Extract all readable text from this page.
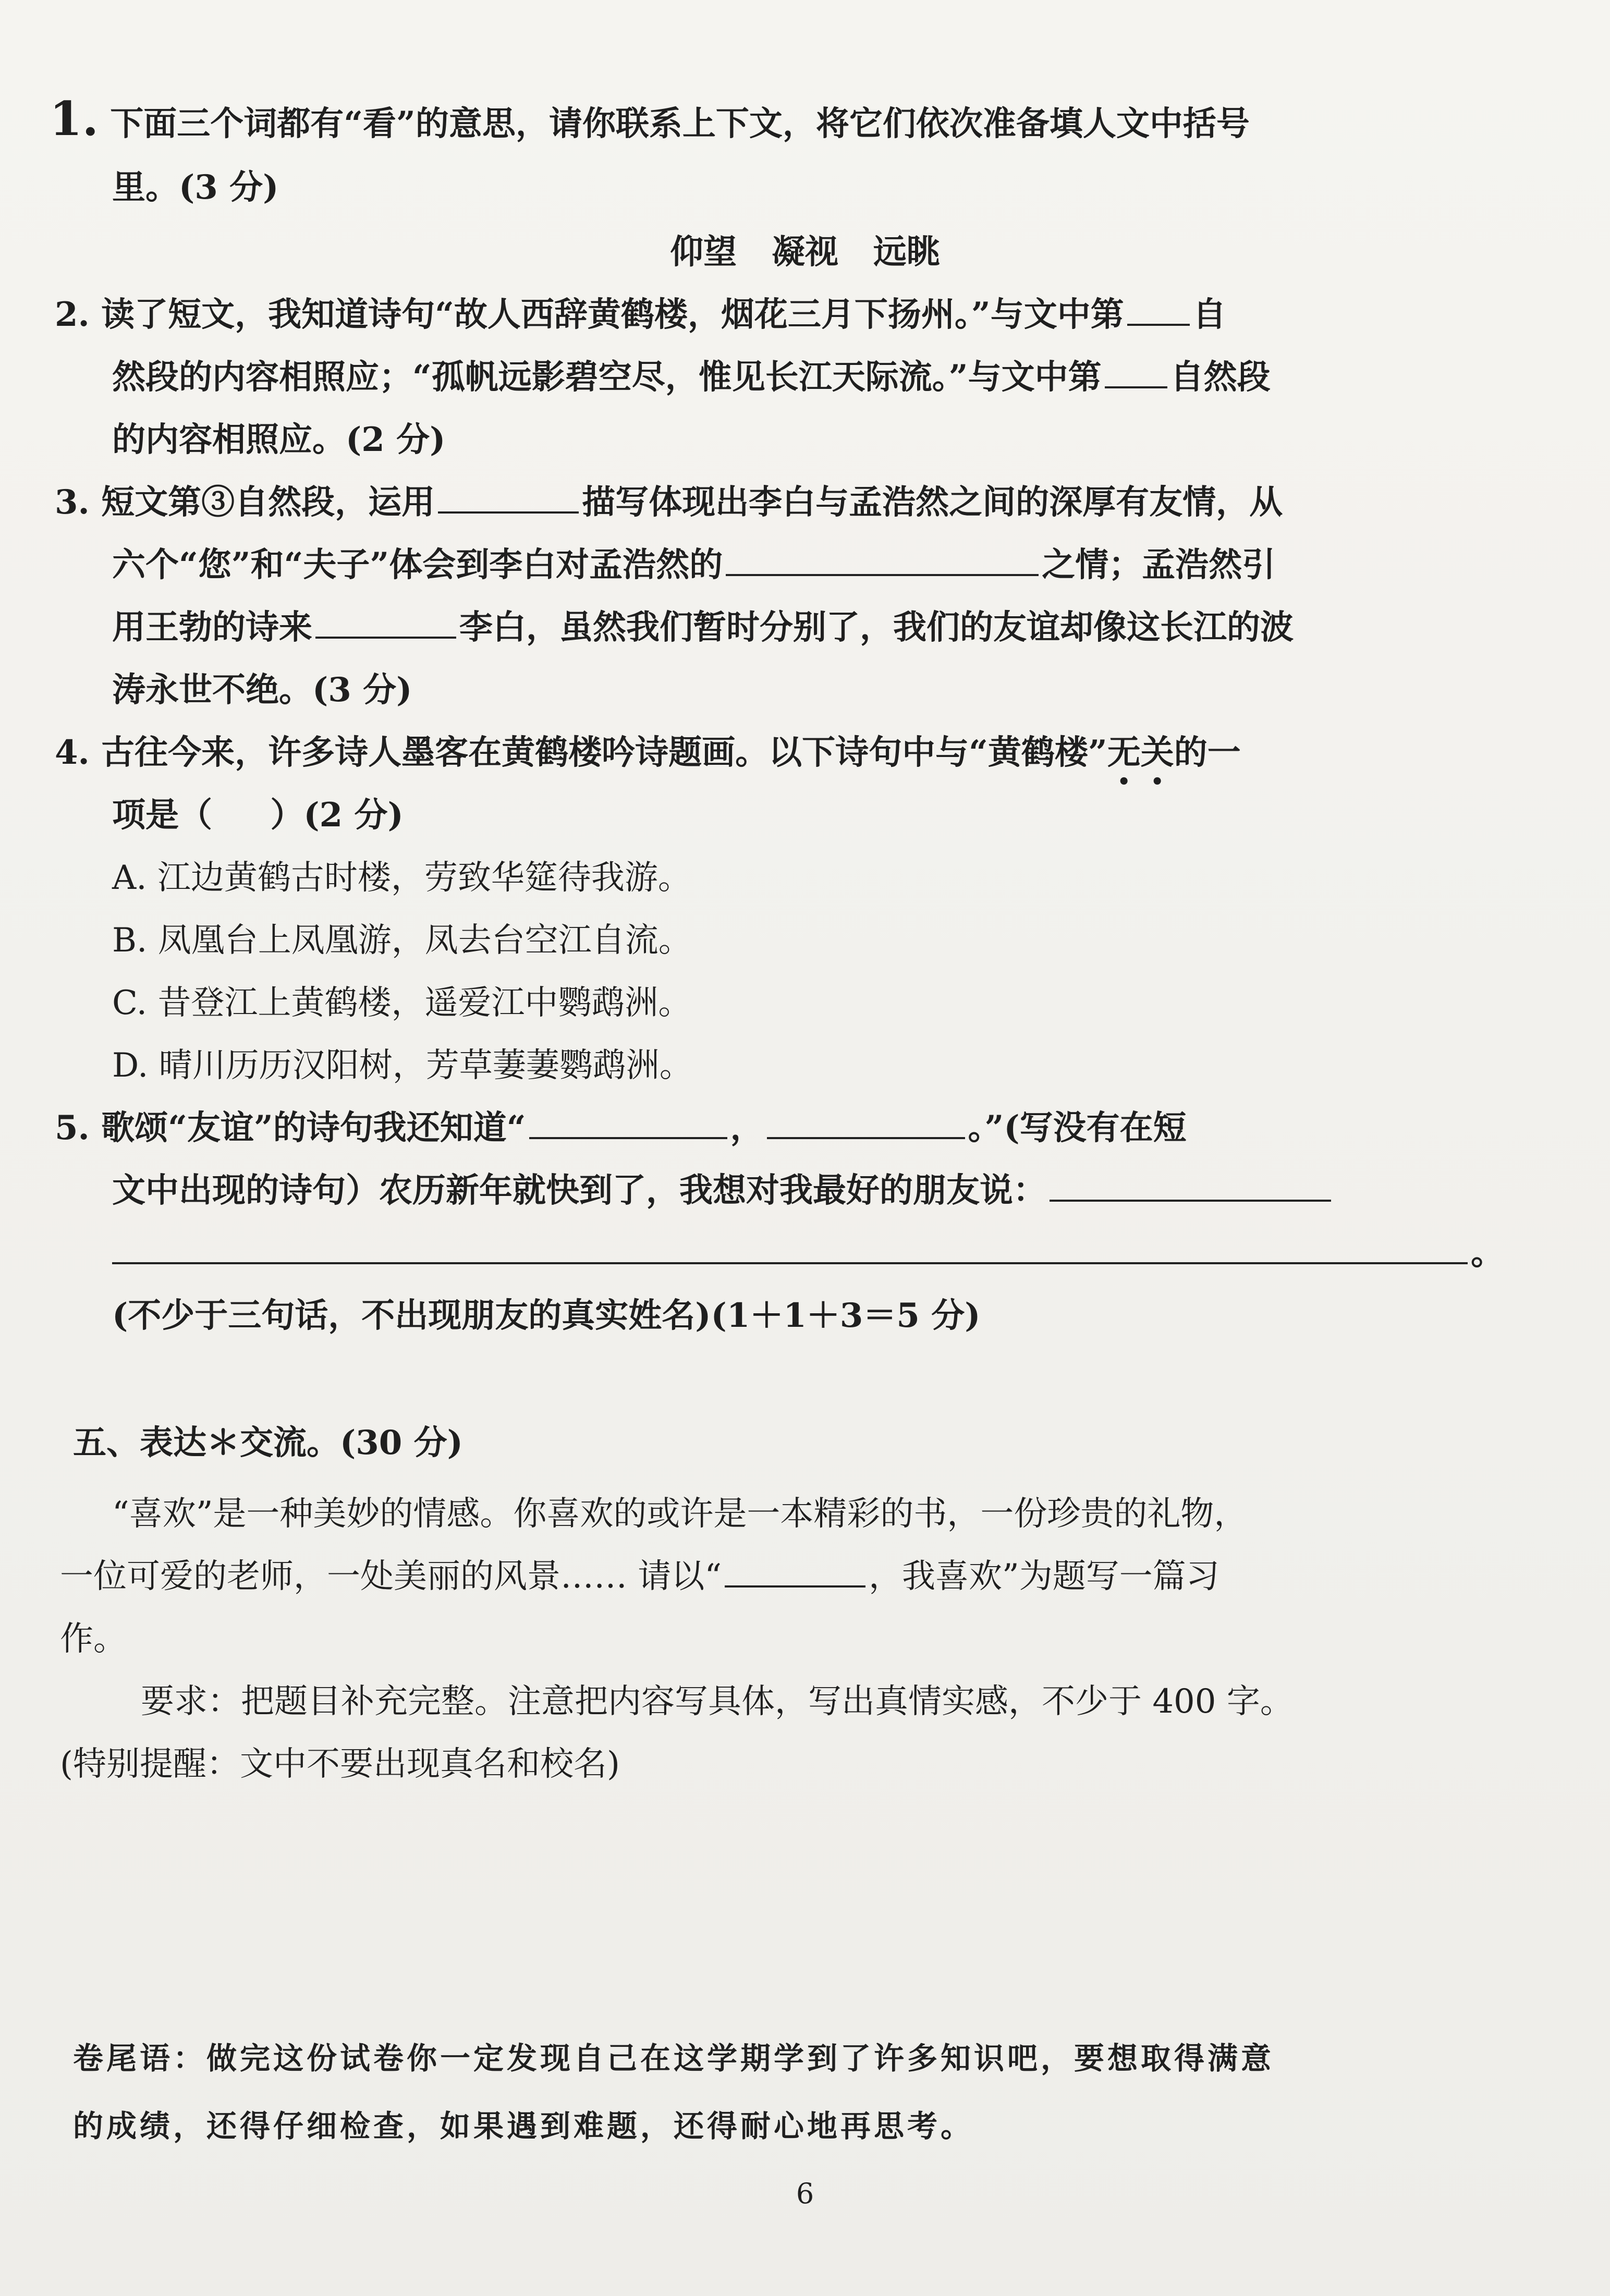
1. 下面三个词都有“看”的意思，请你联系上下文，将它们依次准备填人文中括号
里。(3 分)
仰望   凝视   远眺
2. 读了短文，我知道诗句“故人西辞黄鹤楼，烟花三月下扬州。”与文中第 自
然段的内容相照应；“孤帆远影碧空尽，惟见长江天际流。”与文中第 自然段
的内容相照应。(2 分)
3. 短文第③自然段，运用	描写体现出李白与孟浩然之间的深厚有友情，从
六个“您”和“夫子”体会到李白对孟浩然的	之情；孟浩然引
用王勃的诗来	李白，虽然我们暂时分别了，我们的友谊却像这长江的波
涛永世不绝。(3 分)
4. 古往今来，许多诗人墨客在黄鹤楼吟诗题画。以下诗句中与“黄鹤楼”无关的一
项是（     ）(2 分)
A. 江边黄鹤古时楼，劳致华筵待我游。
B. 凤凰台上凤凰游，凤去台空江自流。
C. 昔登江上黄鹤楼，遥爱江中鹦鹉洲。
D. 晴川历历汉阳树，芳草萋萋鹦鹉洲。
5. 歌颂“友谊”的诗句我还知道“	，	。”(写没有在短
文中出现的诗句）农历新年就快到了，我想对我最好的朋友说：
。
(不少于三句话，不出现朋友的真实姓名)(1＋1＋3＝5 分)
五、表达＊交流。(30 分)
“喜欢”是一种美妙的情感。你喜欢的或许是一本精彩的书，一份珍贵的礼物，
一位可爱的老师，一处美丽的风景…… 请以“	，我喜欢”为题写一篇习
作。
要求：把题目补充完整。注意把内容写具体，写出真情实感，不少于 400 字。
(特别提醒：文中不要出现真名和校名)
卷尾语：做完这份试卷你一定发现自己在这学期学到了许多知识吧，要想取得满意
的成绩，还得仔细检查，如果遇到难题，还得耐心地再思考。
6
